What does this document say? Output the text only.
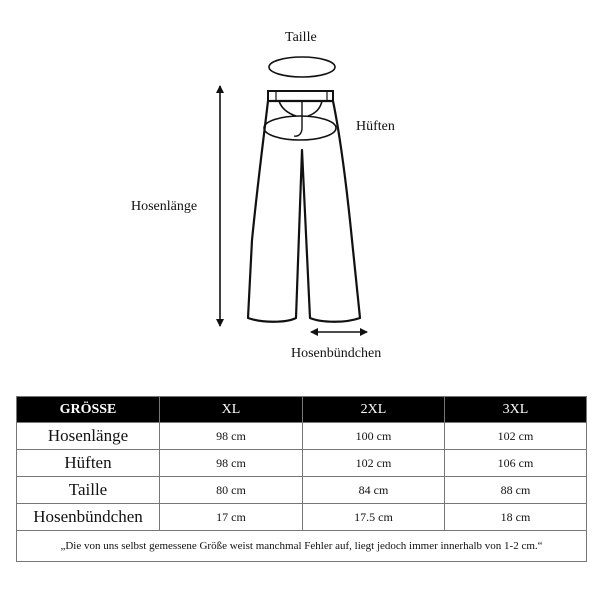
Taille
Hüften
Hosenlänge
Hosenbündchen
GRÖSSE	XL	2XL	3XL
Hosenlänge	98 cm	100 cm	102 cm
Hüften	98 cm	102 cm	106 cm
Taille	80 cm	84 cm	88 cm
Hosenbündchen	17 cm	17.5 cm	18 cm
„Die von uns selbst gemessene Größe weist manchmal Fehler auf, liegt jedoch immer innerhalb von 1-2 cm.“			
